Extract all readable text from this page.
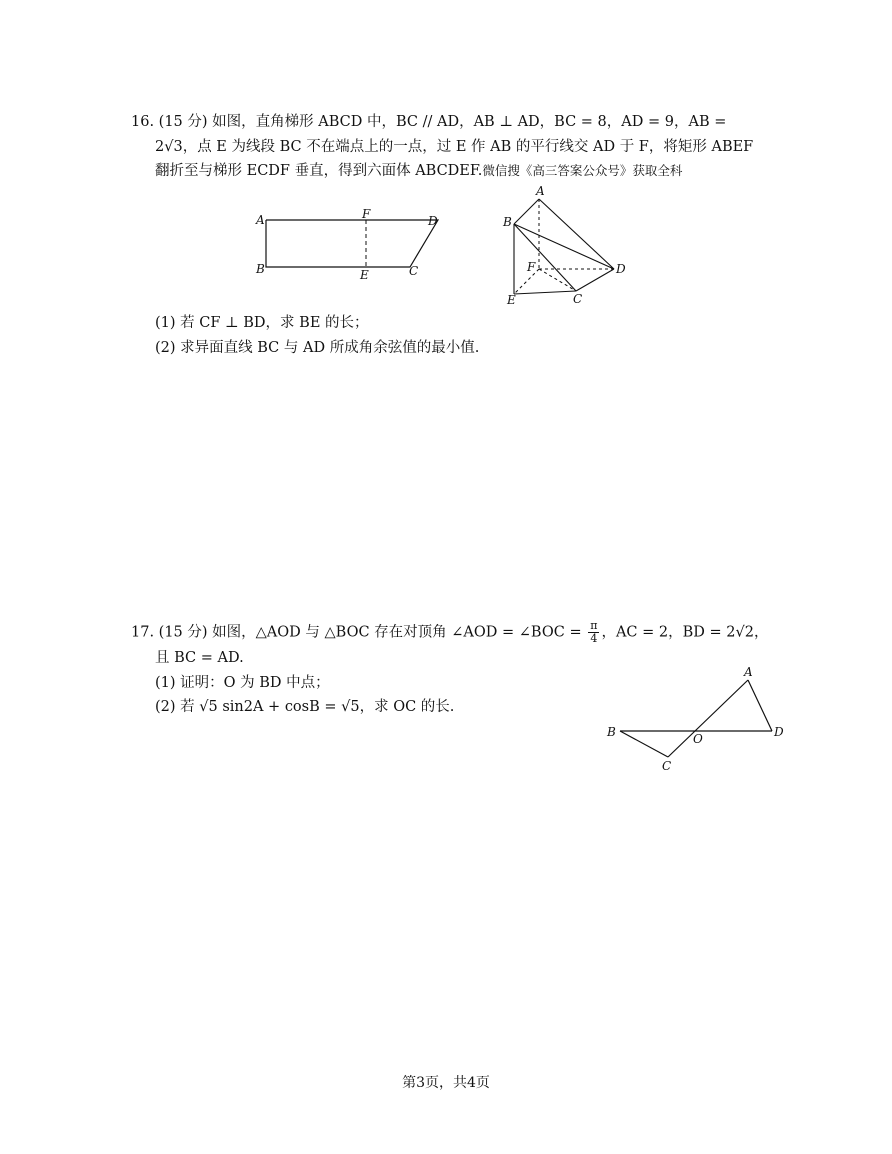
16. (15 分) 如图，直角梯形 ABCD 中，BC // AD，AB ⊥ AD，BC = 8，AD = 9，AB =
2√3，点 E 为线段 BC 不在端点上的一点，过 E 作 AB 的平行线交 AD 于 F，将矩形 ABEF
翻折至与梯形 ECDF 垂直，得到六面体 ABCDEF.微信搜《高三答案公众号》获取全科
A	F	D
B	E	C
A
B
F	D
E	C
(1) 若 CF ⊥ BD，求 BE 的长；
(2) 求异面直线 BC 与 AD 所成角余弦值的最小值.
17. (15 分) 如图，△AOD 与 △BOC 存在对顶角 ∠AOD = ∠BOC = $\frac{\pi}{4}$ ，AC = 2，BD = 2√2，
且 BC = AD.
(1) 证明：O 为 BD 中点；
(2) 若 √5 sin2A + cosB = √5，求 OC 的长.
A
B	O	D
C
第3页，共4页
